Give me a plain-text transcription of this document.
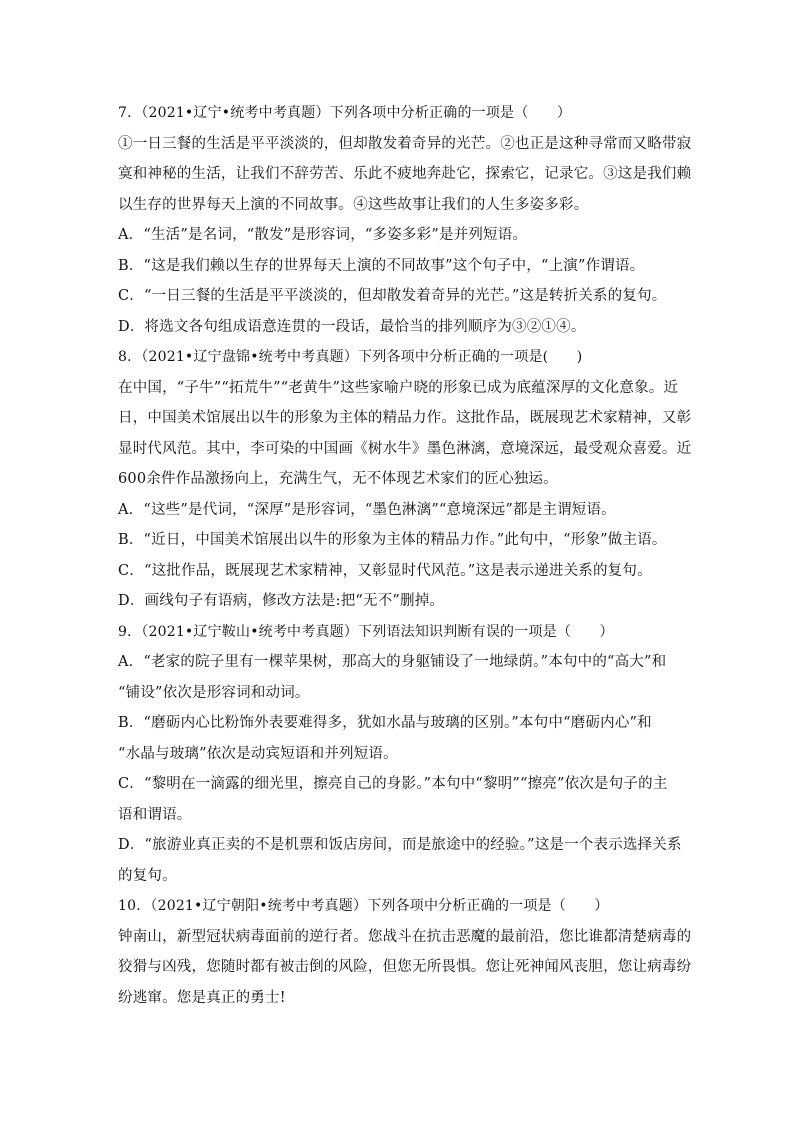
7．（2021•辽宁•统考中考真题）下列各项中分析正确的一项是（　　）
①一日三餐的生活是平平淡淡的，但却散发着奇异的光芒。②也正是这种寻常而又略带寂
寞和神秘的生活，让我们不辞劳苦、乐此不疲地奔赴它，探索它，记录它。③这是我们赖
以生存的世界每天上演的不同故事。④这些故事让我们的人生多姿多彩。
A．“生活”是名词，“散发”是形容词，“多姿多彩”是并列短语。
B．“这是我们赖以生存的世界每天上演的不同故事”这个句子中，“上演”作谓语。
C．“一日三餐的生活是平平淡淡的，但却散发着奇异的光芒。”这是转折关系的复句。
D．将选文各句组成语意连贯的一段话，最恰当的排列顺序为③②①④。
8．（2021•辽宁盘锦•统考中考真题）下列各项中分析正确的一项是(　　)
在中国，“子牛”“拓荒牛”“老黄牛”这些家喻户晓的形象已成为底蕴深厚的文化意象。近
日，中国美术馆展出以牛的形象为主体的精品力作。这批作品，既展现艺术家精神，又彰
显时代风范。其中，李可染的中国画《树水牛》墨色淋漓，意境深远，最受观众喜爱。近
600余件作品激扬向上，充满生气，无不体现艺术家们的匠心独运。
A．“这些”是代词，“深厚”是形容词，“墨色淋漓”“意境深远”都是主谓短语。
B．“近日，中国美术馆展出以牛的形象为主体的精品力作。”此句中，“形象”做主语。
C．“这批作品，既展现艺术家精神，又彰显时代风范。”这是表示递进关系的复句。
D．画线句子有语病，修改方法是:把“无不”删掉。
9．（2021•辽宁鞍山•统考中考真题）下列语法知识判断有误的一项是（　　）
A．“老家的院子里有一棵苹果树，那高大的身躯铺设了一地绿荫。”本句中的“高大”和
“铺设”依次是形容词和动词。
B．“磨砺内心比粉饰外表要难得多，犹如水晶与玻璃的区别。”本句中“磨砺内心”和
“水晶与玻璃”依次是动宾短语和并列短语。
C．“黎明在一滴露的细光里，擦亮自己的身影。”本句中“黎明”“擦亮”依次是句子的主
语和谓语。
D．“旅游业真正卖的不是机票和饭店房间，而是旅途中的经验。”这是一个表示选择关系
的复句。
10．（2021•辽宁朝阳•统考中考真题）下列各项中分析正确的一项是（　　）
钟南山，新型冠状病毒面前的逆行者。您战斗在抗击恶魔的最前沿，您比谁都清楚病毒的
狡猾与凶残，您随时都有被击倒的风险，但您无所畏惧。您让死神闻风丧胆，您让病毒纷
纷逃窜。您是真正的勇士!
